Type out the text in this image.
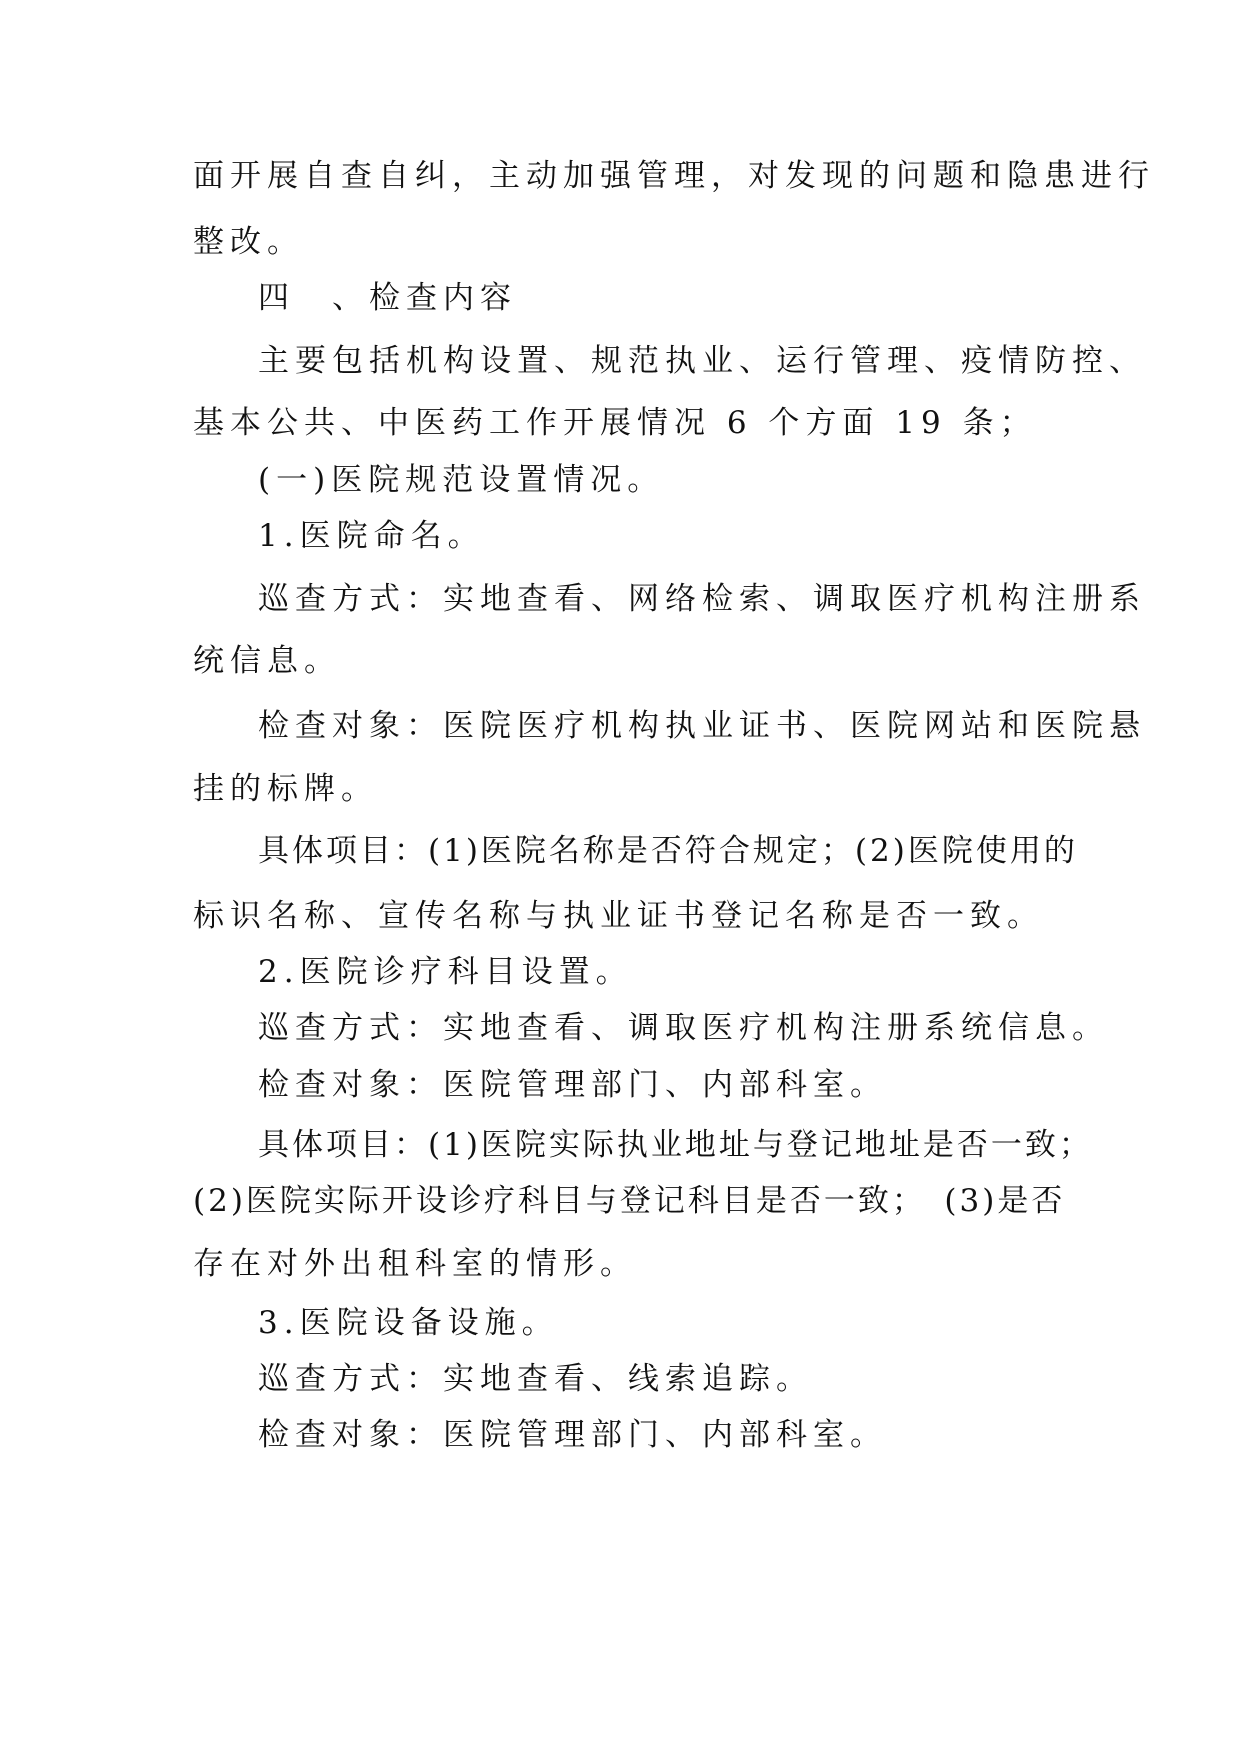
面开展自查自纠，主动加强管理，对发现的问题和隐患进行
整改。
四　、检查内容
主要包括机构设置、规范执业、运行管理、疫情防控、
基本公共、中医药工作开展情况 6 个方面 19 条；
(一)医院规范设置情况。
1.医院命名。
巡查方式：实地查看、网络检索、调取医疗机构注册系
统信息。
检查对象：医院医疗机构执业证书、医院网站和医院悬
挂的标牌。
具体项目：(1)医院名称是否符合规定；(2)医院使用的
标识名称、宣传名称与执业证书登记名称是否一致。
2.医院诊疗科目设置。
巡查方式：实地查看、调取医疗机构注册系统信息。
检查对象：医院管理部门、内部科室。
具体项目：(1)医院实际执业地址与登记地址是否一致；
(2)医院实际开设诊疗科目与登记科目是否一致；　(3)是否
存在对外出租科室的情形。
3.医院设备设施。
巡查方式：实地查看、线索追踪。
检查对象：医院管理部门、内部科室。
